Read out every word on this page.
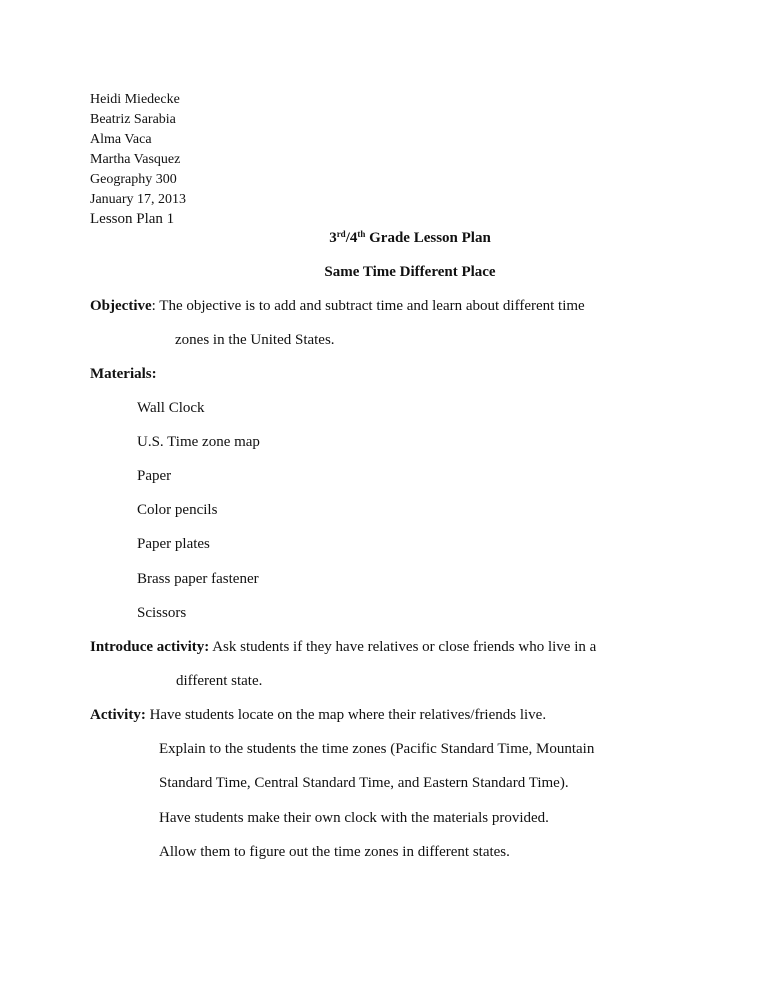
Heidi Miedecke
Beatriz Sarabia
Alma Vaca
Martha Vasquez
Geography 300
January 17, 2013
Lesson Plan 1
3rd/4th Grade Lesson Plan
Same Time Different Place
Objective: The objective is to add and subtract time and learn about different time
zones in the United States.
Materials:
Wall Clock
U.S. Time zone map
Paper
Color pencils
Paper plates
Brass paper fastener
Scissors
Introduce activity: Ask students if they have relatives or close friends who live in a
different state.
Activity: Have students locate on the map where their relatives/friends live.
Explain to the students the time zones (Pacific Standard Time, Mountain
Standard Time, Central Standard Time, and Eastern Standard Time).
Have students make their own clock with the materials provided.
Allow them to figure out the time zones in different states.
